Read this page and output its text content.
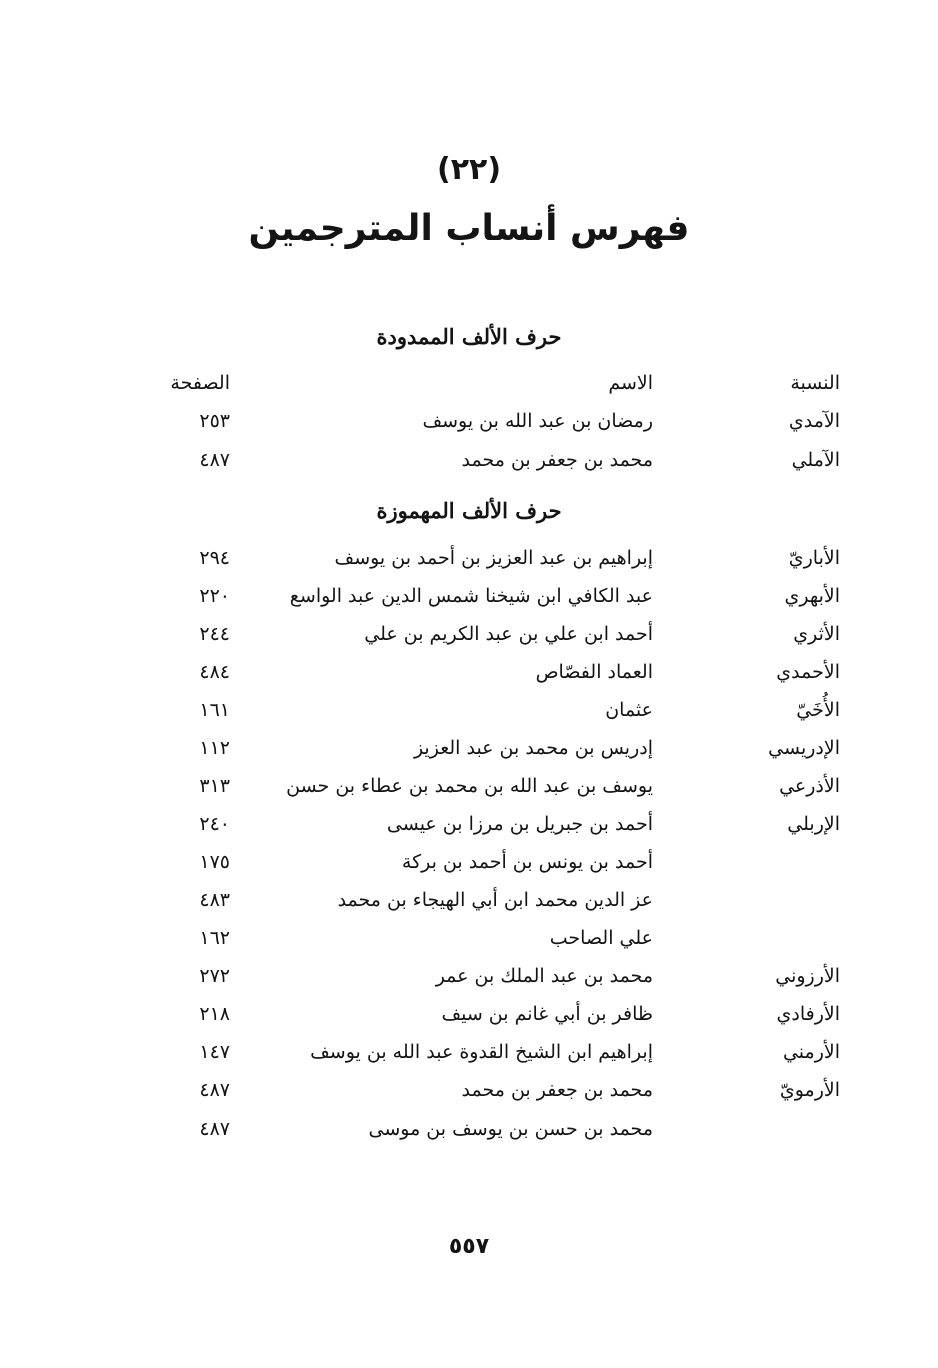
(٢٢)
فهرس أنساب المترجمين
حرف الألف الممدودة
النسبة
الاسم
الصفحة
الآمدي
رمضان بن عبد الله بن يوسف
٢٥٣
الآملي
محمد بن جعفر بن محمد
٤٨٧
حرف الألف المهموزة
الأباريّ
إبراهيم بن عبد العزيز بن أحمد بن يوسف
٢٩٤
الأبهري
عبد الكافي ابن شيخنا شمس الدين عبد الواسع
٢٢٠
الأثري
أحمد ابن علي بن عبد الكريم بن علي
٢٤٤
الأحمدي
العماد الفصّاص
٤٨٤
الأُخَيّ
عثمان
١٦١
الإدريسي
إدريس بن محمد بن عبد العزيز
١١٢
الأذرعي
يوسف بن عبد الله بن محمد بن عطاء بن حسن
٣١٣
الإربلي
أحمد بن جبريل بن مرزا بن عيسى
٢٤٠
أحمد بن يونس بن أحمد بن بركة
١٧٥
عز الدين محمد ابن أبي الهيجاء بن محمد
٤٨٣
علي الصاحب
١٦٢
الأرزوني
محمد بن عبد الملك بن عمر
٢٧٢
الأرفادي
ظافر بن أبي غانم بن سيف
٢١٨
الأرمني
إبراهيم ابن الشيخ القدوة عبد الله بن يوسف
١٤٧
الأرمويّ
محمد بن جعفر بن محمد
٤٨٧
محمد بن حسن بن يوسف بن موسى
٤٨٧
٥٥٧
